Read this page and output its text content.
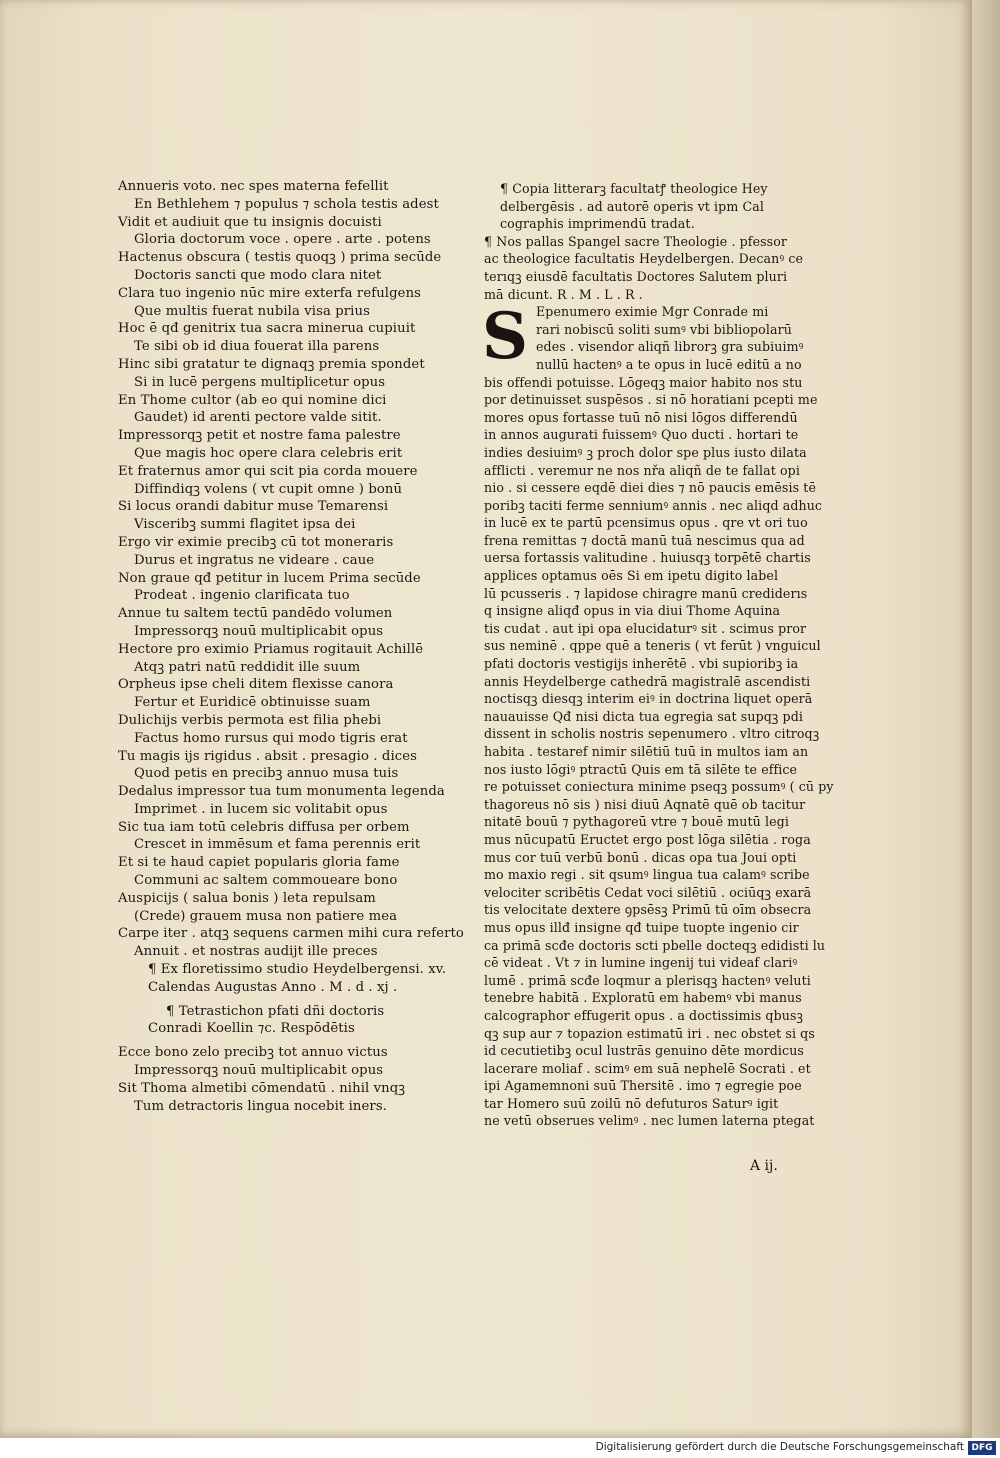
Annueris voto. nec spes materna fefellit
En Bethlehem ⁊ populus ⁊ schola testis adest
Vidit et audiuit que tu insignis docuisti
Gloria doctorum voce . opere . arte . potens
Hactenus obscura ( testis quoqꝫ ) prima secūde
Doctoris sancti que modo clara nitet
Clara tuo ingenio nūc mire exterfa refulgens
Que multis fuerat nubila visa prius
Hoc ē qđ genitrix tua sacra minerua cupiuit
Te sibi ob id diua fouerat illa parens
Hinc sibi gratatur te dignaqꝫ premia spondet
Si in lucē pergens multiplicetur opus
En Thome cultor (ab eo qui nomine dici
Gaudet) id arenti pectore valde sitit.
Impressorqꝫ petit et nostre fama palestre
Que magis hoc opere clara celebris erit
Et fraternus amor qui scit pia corda mouere
Diffindiqꝫ volens ( vt cupit omne ) bonū
Si locus orandi dabitur muse Temarensi
Visceribꝫ summi flagitet ipsa dei
Ergo vir eximie precibꝫ cū tot moneraris
Durus et ingratus ne videare . caue
Non graue qđ petitur in lucem Prima secūde
Prodeat . ingenio clarificata tuo
Annue tu saltem tectū pandēdo volumen
Impressorqꝫ nouū multiplicabit opus
Hectore pro eximio Priamus rogitauit Achillē
Atqꝫ patri natū reddidit ille suum
Orpheus ipse cheli ditem flexisse canora
Fertur et Euridicē obtinuisse suam
Dulichijs verbis permota est filia phebi
Factus homo rursus qui modo tigris erat
Tu magis ijs rigidus . absit . presagio . dices
Quod petis en precibꝫ annuo musa tuis
Dedalus impressor tua tum monumenta legenda
Imprimet . in lucem sic volitabit opus
Sic tua iam totū celebris diffusa per orbem
Crescet in immēsum et fama perennis erit
Et si te haud capiet popularis gloria fame
Communi ac saltem commoueare bono
Auspicijs ( salua bonis ) leta repulsam
(Crede) grauem musa non patiere mea
Carpe iter . atqꝫ sequens carmen mihi cura referto
Annuit . et nostras audijt ille preces
¶ Ex floretissimo studio Heydelbergensi. xv.
Calendas Augustas Anno . M . d . xj .
¶ Tetrastichon pfati dñi doctoris
Conradi Koellin ⁊c. Respōdētis
Ecce bono zelo precibꝫ tot annuo victus
Impressorqꝫ nouū multiplicabit opus
Sit Thoma almetibi cōmendatū . nihil vnqꝫ
Tum detractoris lingua nocebit iners.
¶ Copia litterarꝫ facultatꝭ theologice Hey
delbergēsis . ad autorē operis vt ipm Cal
cographis imprimendū tradat.
¶ Nos pallas Spangel sacre Theologie . pfessor
ac theologice facultatis Heydelbergen. Decanꝰ ce
terıqꝫ eiusdē facultatis Doctores Salutem pluri
mā dicunt. R . M . L . R .
S Epenumero eximie Mgr Conrade mi
rari nobiscū soliti sumꝰ vbi bibliopolarū
edes . visendor aliqñ librorꝫ gra subiuimꝰ
nullū hactenꝰ a te opus in lucē editū a no
bis offendi potuisse. Lōgeqꝫ maior habito nos stu
por detinuisset suspēsos . si nō horatiani pcepti me
mores opus fortasse tuū nō nisi lōgos differendū
in annos augurati fuissemꝰ Quo ducti . hortari te
indies desiuimꝰ ꝫ proch dolor spe plus iusto dilata
afflicti . veremur ne nos nřa aliqñ de te fallat opi
nio . si cessere eqdē diei dies ⁊ nō paucis emēsis tē
poribꝫ taciti ferme senniumꝰ annis . nec aliqd adhuc
in lucē ex te partū pcensimus opus . qre vt ori tuo
frena remittas ⁊ doctā manū tuā nescimus qua ad
uersa fortassis valitudine . huiusqꝫ torpētē chartis
applices optamus oēs Si em ipetu digito label
lū pcusseris . ⁊ lapidose chiragre manū crediderıs
q insigne aliqđ opus in via diui Thome Aquina
tis cudat . aut ipi opa elucidaturꝰ sit . scimus pror
sus neminē . qppe quē a teneris ( vt ferūt ) vnguicul
pfati doctoris vestigijs inherētē . vbi supioribꝫ ia
annis Heydelberge cathedrā magistralē ascendisti
noctisqꝫ diesqꝫ interim eiꝰ in doctrina liquet operā
nauauisse Qđ nisi dicta tua egregia sat supqꝫ pdi
dissent in scholis nostris sepenumero . vltro citroqꝫ
habita . testaref nimir silētiū tuū in multos iam an
nos iusto lōgiꝰ ptractū Quis em tā silēte te effice
re potuisset coniectura minime pseqꝫ possumꝰ ( cū py
thagoreus nō sis ) nisi diuū Aqnatē quē ob tacitur
nitatē bouū ⁊ pythagoreū vtre ⁊ bouē mutū legi
mus nūcupatū Eructet ergo post lōga silētia . roga
mus cor tuū verbū bonū . dicas opa tua Joui opti
mo maxio regi . sit qsumꝰ lingua tua calamꝰ scribe
velociter scribētis Cedat voci silētiū . ociūqꝫ exarā
tis velocitate dextere ꝯpsēsꝫ Primū tū oīm obsecra
mus opus illđ insigne qđ tuipe tuopte ingenio cir
ca primā scđe doctoris scti pbelle docteqꝫ edidisti lu
cē videat . Vt ⁊ in lumine ingenij tui videaf clariꝰ
lumē . primā scđe loqmur a plerisqꝫ hactenꝰ veluti
tenebre habitā . Exploratū em habemꝰ vbi manus
calcographor effugerit opus . a doctissimis qbusꝫ
qꝫ sup aur ⁊ topazion estimatū iri . nec obstet si qs
id cecutietibꝫ ocul lustrās genuino dēte mordicus
lacerare moliaf . scimꝰ em suā nephelē Socrati . et
ipi Agamemnoni suū Thersitē . imo ⁊ egregie poe
tar Homero suū zoilū nō defuturos Saturꝰ igit
ne vetū obserues velimꝰ . nec lumen laterna ptegat
A ij.
Digitalisierung gefördert durch die Deutsche Forschungsgemeinschaft DFG
